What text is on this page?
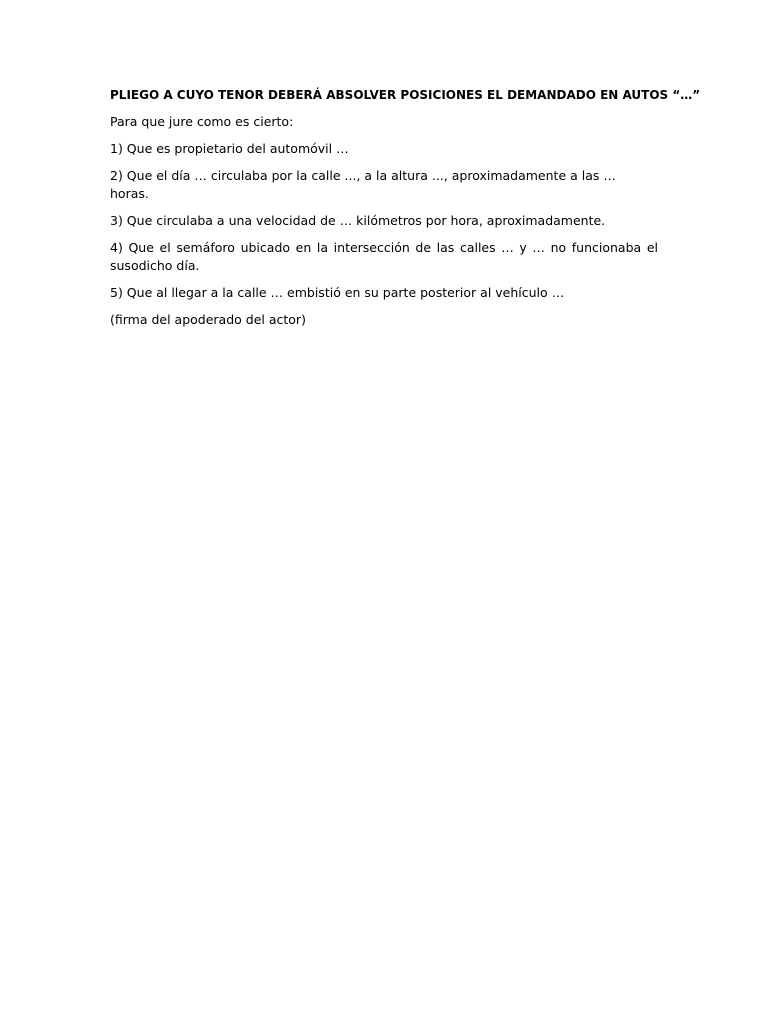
PLIEGO A CUYO TENOR DEBERÁ ABSOLVER POSICIONES EL DEMANDADO EN AUTOS “…”

Para que jure como es cierto:

1) Que es propietario del automóvil …

2) Que el día … circulaba por la calle ..., a la altura ..., aproximadamente a las … horas.

3) Que circulaba a una velocidad de … kilómetros por hora, aproximadamente.

4) Que el semáforo ubicado en la intersección de las calles … y … no funcionaba el susodicho día.

5) Que al llegar a la calle … embistió en su parte posterior al vehículo …

(firma del apoderado del actor)
